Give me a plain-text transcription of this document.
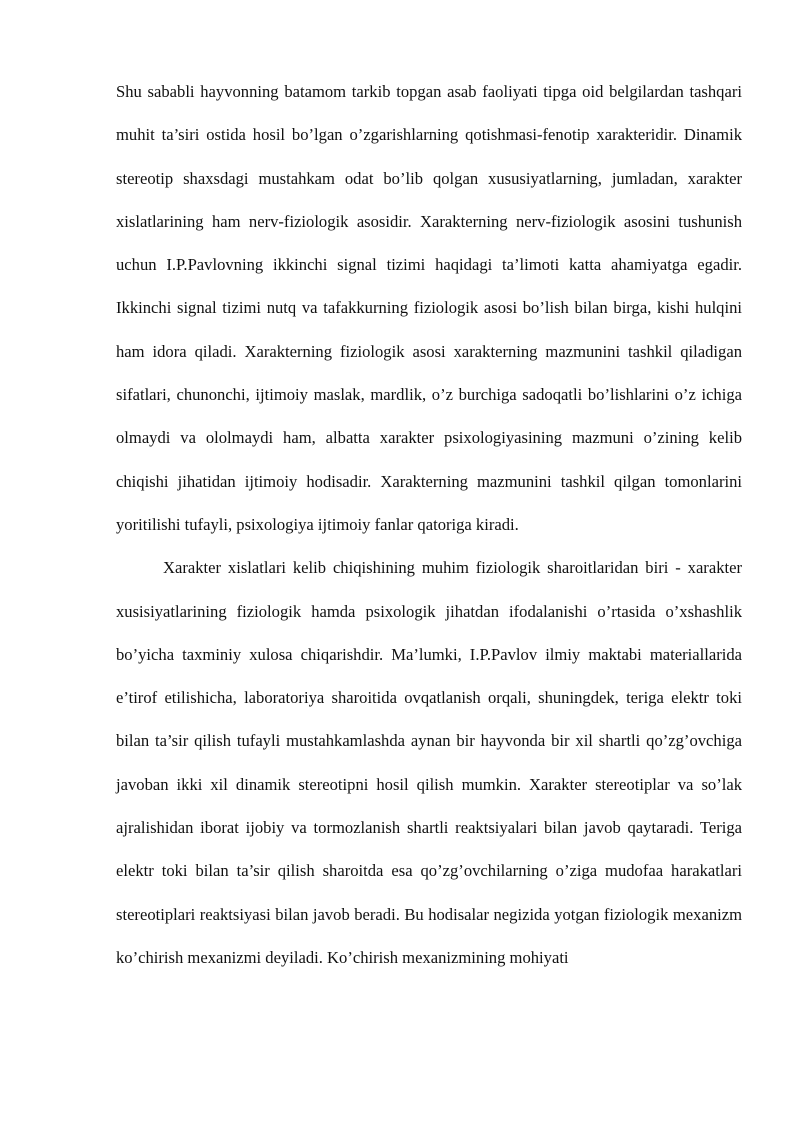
Shu sababli hayvonning batamom tarkib topgan asab faoliyati tipga oid belgilardan tashqari muhit ta’siri ostida hosil bo’lgan o’zgarishlarning qotishmasi-fenotip xarakteridir. Dinamik stereotip shaxsdagi mustahkam odat bo’lib qolgan xususiyatlarning, jumladan, xarakter xislatlarining ham nerv-fiziologik asosidir. Xarakterning nerv-fiziologik asosini tushunish uchun I.P.Pavlovning ikkinchi signal tizimi haqidagi ta’limoti katta ahamiyatga egadir. Ikkinchi signal tizimi nutq va tafakkurning fiziologik asosi bo’lish bilan birga, kishi hulqini ham idora qiladi. Xarakterning fiziologik asosi xarakterning mazmunini tashkil qiladigan sifatlari, chunonchi, ijtimoiy maslak, mardlik, o’z burchiga sadoqatli bo’lishlarini o’z ichiga olmaydi va ololmaydi ham, albatta xarakter psixologiyasining mazmuni o’zining kelib chiqishi jihatidan ijtimoiy hodisadir. Xarakterning mazmunini tashkil qilgan tomonlarini yoritilishi tufayli, psixologiya ijtimoiy fanlar qatoriga kiradi.

Xarakter xislatlari kelib chiqishining muhim fiziologik sharoitlaridan biri - xarakter xusisiyatlarining fiziologik hamda psixologik jihatdan ifodalanishi o’rtasida o’xshashlik bo’yicha taxminiy xulosa chiqarishdir. Ma’lumki, I.P.Pavlov ilmiy maktabi materiallarida e’tirof etilishicha, laboratoriya sharoitida ovqatlanish orqali, shuningdek, teriga elektr toki bilan ta’sir qilish tufayli mustahkamlashda aynan bir hayvonda bir xil shartli qo’zg’ovchiga javoban ikki xil dinamik stereotipni hosil qilish mumkin. Xarakter stereotiplar va so’lak ajralishidan iborat ijobiy va tormozlanish shartli reaktsiyalari bilan javob qaytaradi. Teriga elektr toki bilan ta’sir qilish sharoitda esa qo’zg’ovchilarning o’ziga mudofaa harakatlari stereotiplari reaktsiyasi bilan javob beradi. Bu hodisalar negizida yotgan fiziologik mexanizm ko’chirish mexanizmi deyiladi. Ko’chirish mexanizmining mohiyati
